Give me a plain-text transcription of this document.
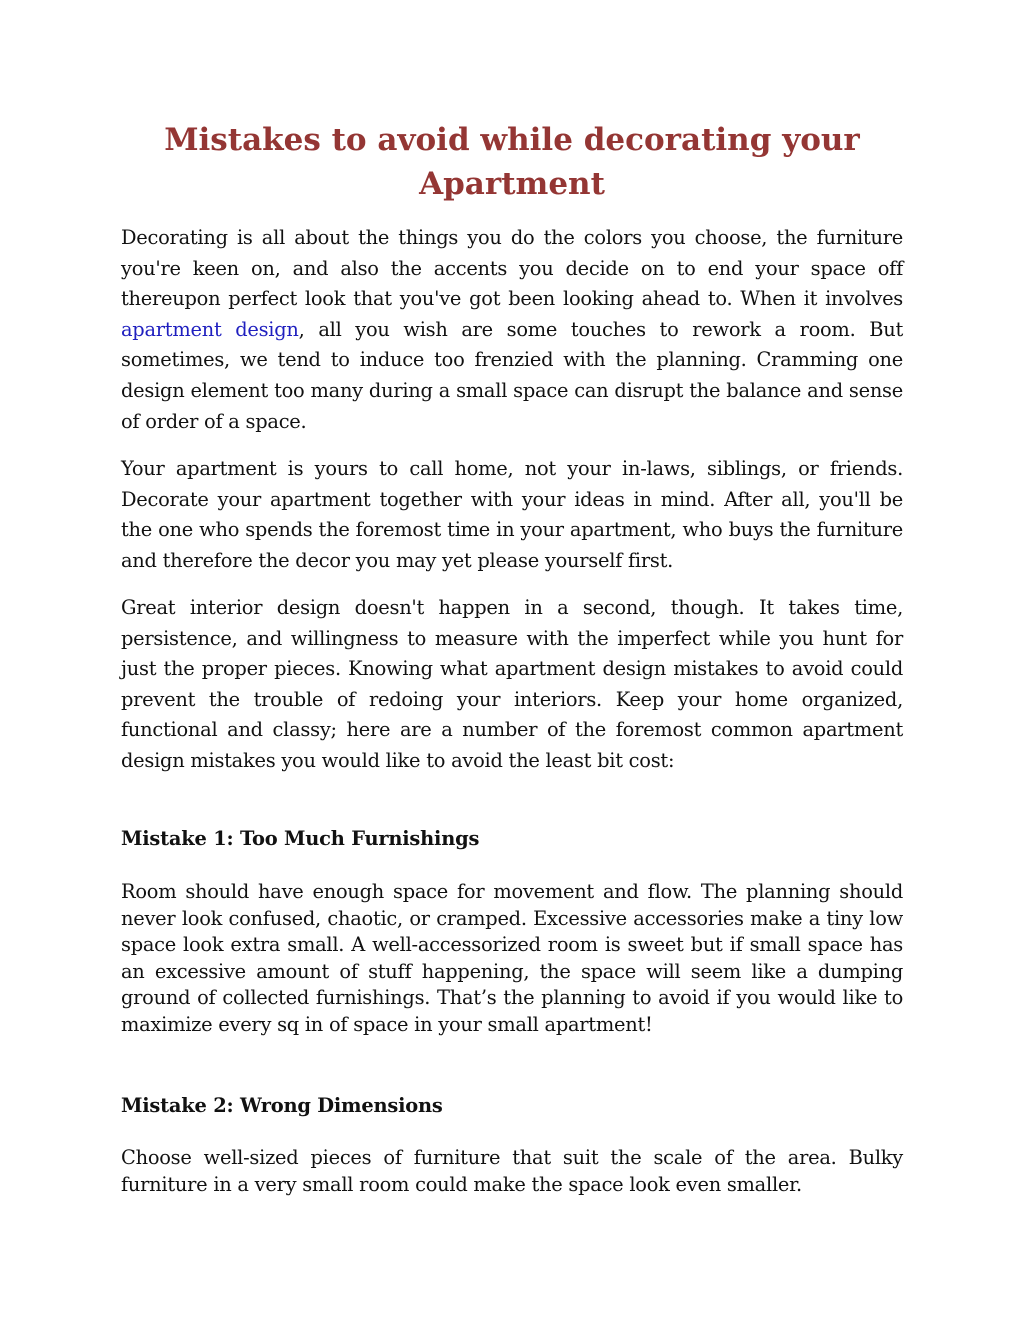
Mistakes to avoid while decorating your Apartment

Decorating is all about the things you do the colors you choose, the furniture you're keen on, and also the accents you decide on to end your space off thereupon perfect look that you've got been looking ahead to. When it involves apartment design, all you wish are some touches to rework a room. But sometimes, we tend to induce too frenzied with the planning. Cramming one design element too many during a small space can disrupt the balance and sense of order of a space.

Your apartment is yours to call home, not your in-laws, siblings, or friends. Decorate your apartment together with your ideas in mind. After all, you'll be the one who spends the foremost time in your apartment, who buys the furniture and therefore the decor you may yet please yourself first.

Great interior design doesn't happen in a second, though. It takes time, persistence, and willingness to measure with the imperfect while you hunt for just the proper pieces. Knowing what apartment design mistakes to avoid could prevent the trouble of redoing your interiors. Keep your home organized, functional and classy; here are a number of the foremost common apartment design mistakes you would like to avoid the least bit cost:

Mistake 1: Too Much Furnishings

Room should have enough space for movement and flow. The planning should never look confused, chaotic, or cramped. Excessive accessories make a tiny low space look extra small. A well-accessorized room is sweet but if small space has an excessive amount of stuff happening, the space will seem like a dumping ground of collected furnishings. That’s the planning to avoid if you would like to maximize every sq in of space in your small apartment!

Mistake 2: Wrong Dimensions

Choose well-sized pieces of furniture that suit the scale of the area. Bulky furniture in a very small room could make the space look even smaller.
